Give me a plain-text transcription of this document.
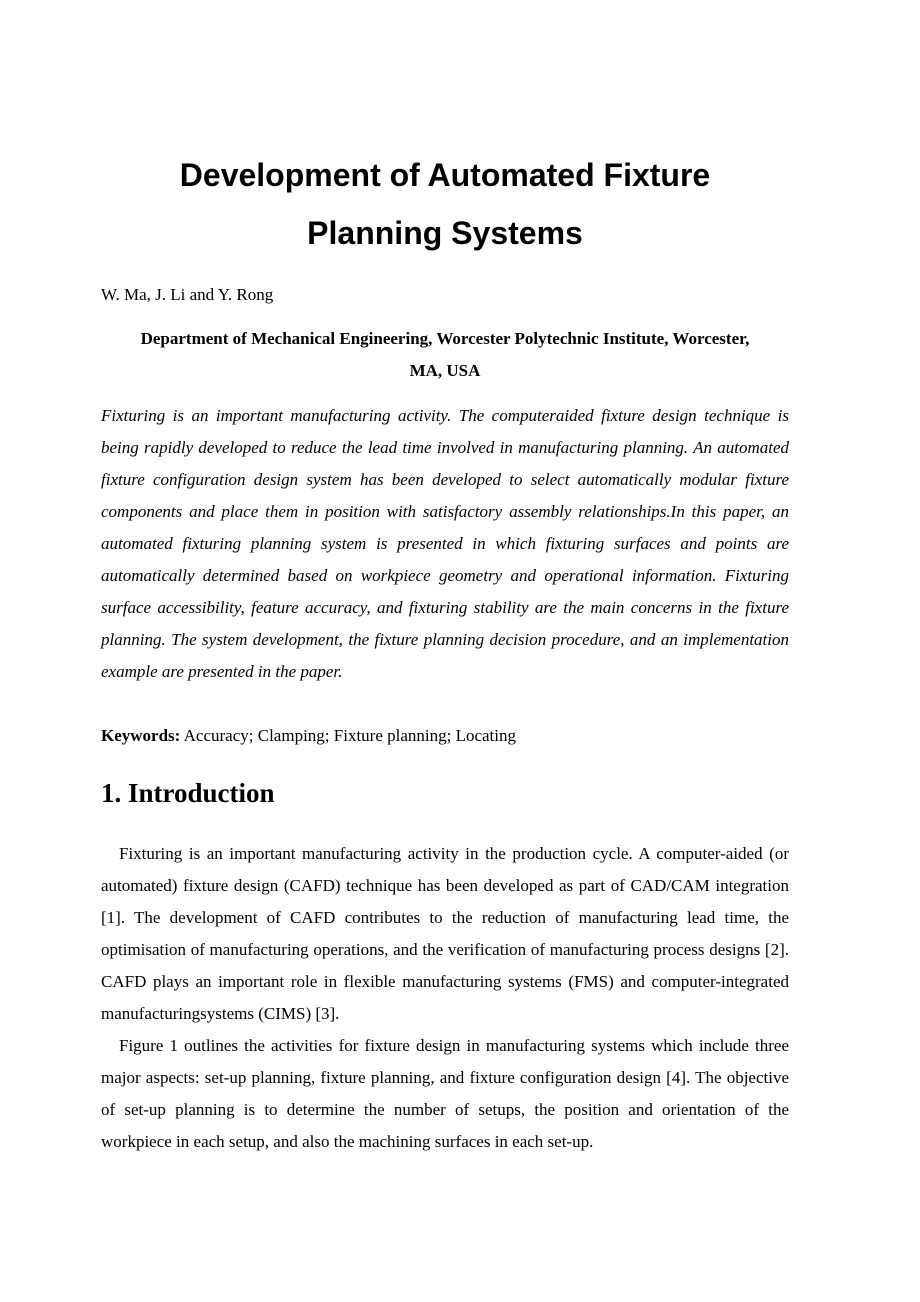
Development of Automated Fixture
Planning Systems
W. Ma, J. Li and Y. Rong
Department of Mechanical Engineering, Worcester Polytechnic Institute, Worcester,
MA, USA

Fixturing is an important manufacturing activity. The computeraided fixture design technique is being rapidly developed to reduce the lead time involved in manufacturing planning. An automated fixture configuration design system has been developed to select automatically modular fixture components and place them in position with satisfactory assembly relationships.In this paper, an automated fixturing planning system is presented in which fixturing surfaces and points are automatically determined based on workpiece geometry and operational information. Fixturing surface accessibility, feature accuracy, and fixturing stability are the main concerns in the fixture planning. The system development, the fixture planning decision procedure, and an implementation example are presented in the paper.

Keywords: Accuracy; Clamping; Fixture planning; Locating
1. Introduction

Fixturing is an important manufacturing activity in the production cycle. A computer-aided (or automated) fixture design (CAFD) technique has been developed as part of CAD/CAM integration [1]. The development of CAFD contributes to the reduction of manufacturing lead time, the optimisation of manufacturing operations, and the verification of manufacturing process designs [2]. CAFD plays an important role in flexible manufacturing systems (FMS) and computer-integrated manufacturingsystems (CIMS) [3].

Figure 1 outlines the activities for fixture design in manufacturing systems which include three major aspects: set-up planning, fixture planning, and fixture configuration design [4]. The objective of set-up planning is to determine the number of setups, the position and orientation of the workpiece in each setup, and also the machining surfaces in each set-up.
